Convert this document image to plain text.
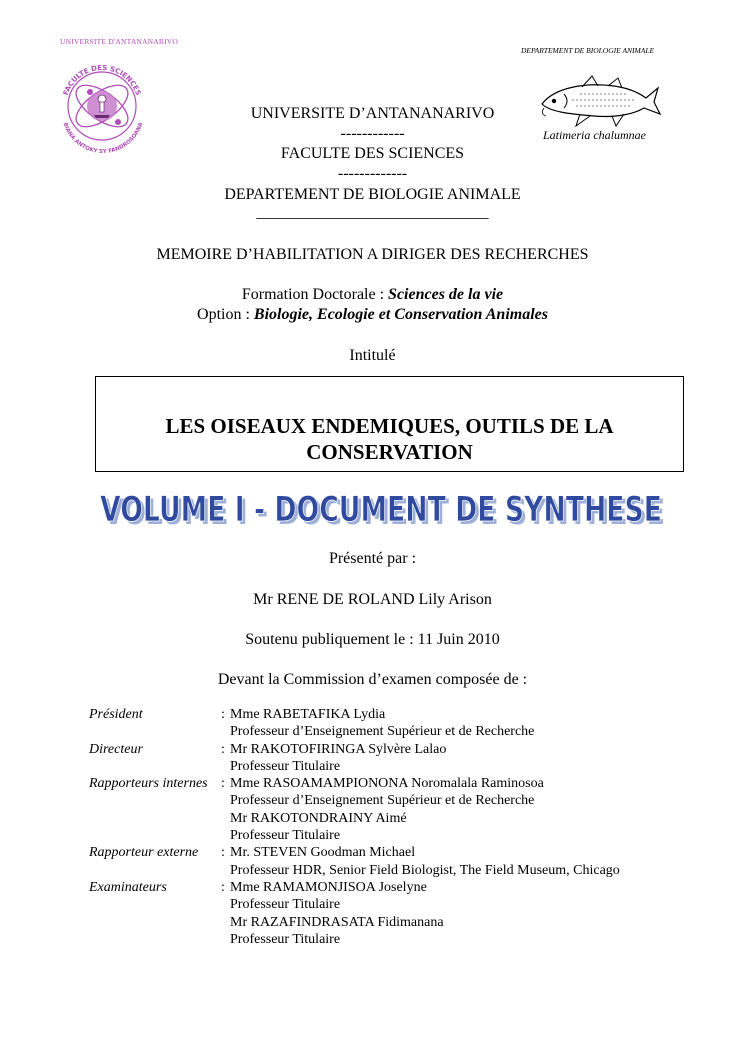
UNIVERSITE D'ANTANANARIVO
FACULTE DES SCIENCES
BIANA ANTOKY SY FANDROSOANA
DEPARTEMENT DE BIOLOGIE ANIMALE
Latimeria chalumnae
UNIVERSITE D’ANTANANARIVO
------------
FACULTE DES SCIENCES
-------------
DEPARTEMENT DE BIOLOGIE ANIMALE
_____________________________
MEMOIRE D’HABILITATION A DIRIGER DES RECHERCHES
Formation Doctorale : Sciences de la vie
Option : Biologie, Ecologie et Conservation Animales
Intitulé
LES OISEAUX ENDEMIQUES, OUTILS DE LA
CONSERVATION
VOLUME I - DOCUMENT DE SYNTHESE
VOLUME I - DOCUMENT DE SYNTHESE
Présenté par :
Mr RENE DE ROLAND Lily Arison
Soutenu publiquement le : 11 Juin 2010
Devant la Commission d’examen composée de :
Président	: Mme RABETAFIKA Lydia
Professeur d’Enseignement Supérieur et de Recherche
Directeur	: Mr RAKOTOFIRINGA Sylvère Lalao
Professeur Titulaire
Rapporteurs internes : Mme RASOAMAMPIONONA Noromalala Raminosoa
Professeur d’Enseignement Supérieur et de Recherche
Mr RAKOTONDRAINY Aimé
Professeur Titulaire
Rapporteur externe : Mr. STEVEN Goodman Michael
Professeur HDR, Senior Field Biologist, The Field Museum, Chicago
Examinateurs	: Mme RAMAMONJISOA Joselyne
Professeur Titulaire
Mr RAZAFINDRASATA Fidimanana
Professeur Titulaire
